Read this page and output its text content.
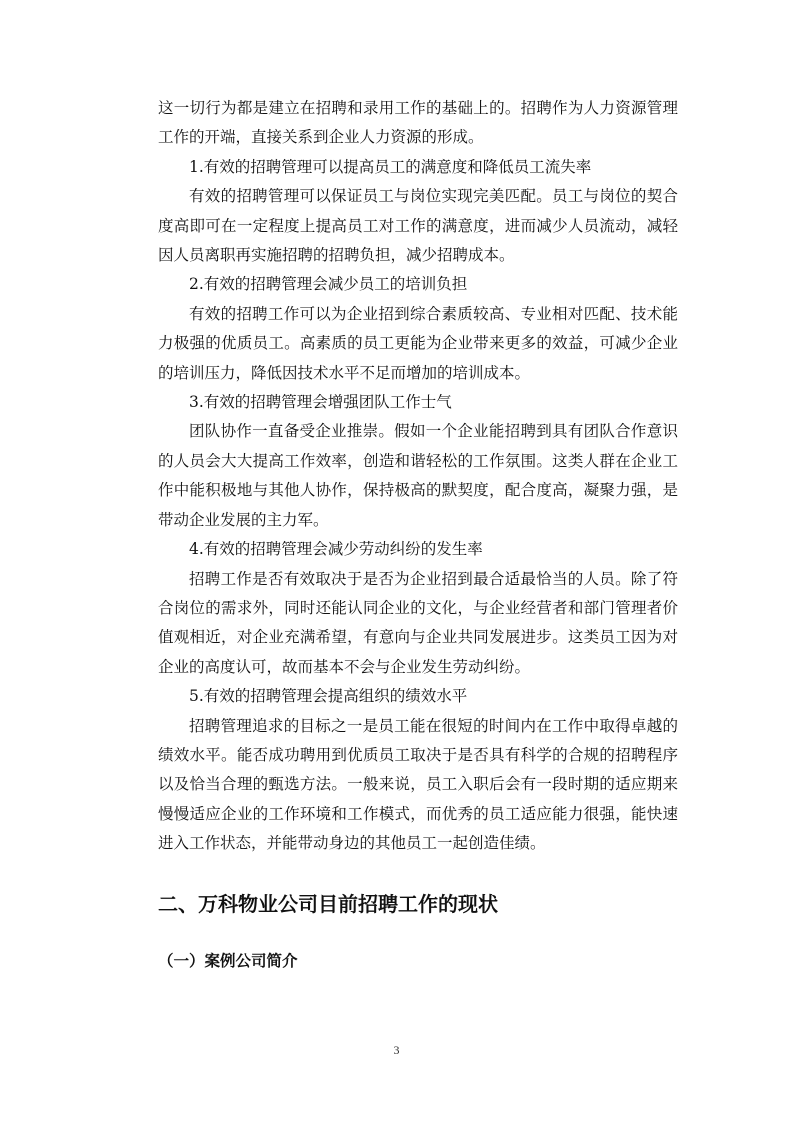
这一切行为都是建立在招聘和录用工作的基础上的。招聘作为人力资源管理工作的开端，直接关系到企业人力资源的形成。

1.有效的招聘管理可以提高员工的满意度和降低员工流失率

有效的招聘管理可以保证员工与岗位实现完美匹配。员工与岗位的契合度高即可在一定程度上提高员工对工作的满意度，进而减少人员流动，减轻因人员离职再实施招聘的招聘负担，减少招聘成本。

2.有效的招聘管理会减少员工的培训负担

有效的招聘工作可以为企业招到综合素质较高、专业相对匹配、技术能力极强的优质员工。高素质的员工更能为企业带来更多的效益，可减少企业的培训压力，降低因技术水平不足而增加的培训成本。

3.有效的招聘管理会增强团队工作士气

团队协作一直备受企业推崇。假如一个企业能招聘到具有团队合作意识的人员会大大提高工作效率，创造和谐轻松的工作氛围。这类人群在企业工作中能积极地与其他人协作，保持极高的默契度，配合度高，凝聚力强，是带动企业发展的主力军。

4.有效的招聘管理会减少劳动纠纷的发生率

招聘工作是否有效取决于是否为企业招到最合适最恰当的人员。除了符合岗位的需求外，同时还能认同企业的文化，与企业经营者和部门管理者价值观相近，对企业充满希望，有意向与企业共同发展进步。这类员工因为对企业的高度认可，故而基本不会与企业发生劳动纠纷。

5.有效的招聘管理会提高组织的绩效水平

招聘管理追求的目标之一是员工能在很短的时间内在工作中取得卓越的绩效水平。能否成功聘用到优质员工取决于是否具有科学的合规的招聘程序以及恰当合理的甄选方法。一般来说，员工入职后会有一段时期的适应期来慢慢适应企业的工作环境和工作模式，而优秀的员工适应能力很强，能快速进入工作状态，并能带动身边的其他员工一起创造佳绩。

二、万科物业公司目前招聘工作的现状
（一）案例公司简介
3
